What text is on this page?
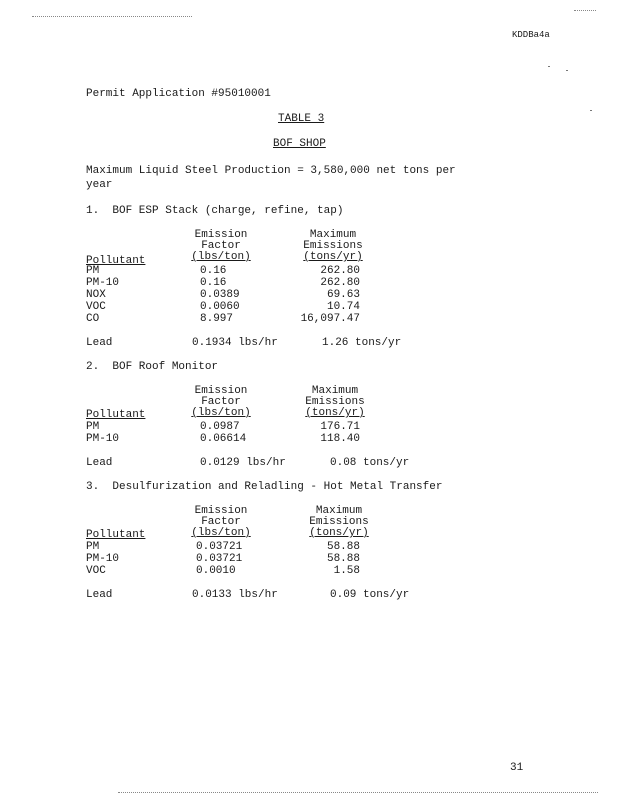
KDDBa4a
Permit Application #95010001
TABLE 3
BOF SHOP
Maximum Liquid Steel Production = 3,580,000 net tons per
year
1.  BOF ESP Stack (charge, refine, tap)
Emission
Factor
(lbs/ton)
Maximum
Emissions
(tons/yr)
Pollutant
PM	0.16	262.80
PM-10	0.16	262.80
NOX	0.0389	69.63
VOC	0.0060	10.74
CO	8.997	16,097.47
Lead	0.1934 lbs/hr	1.26 tons/yr
2.  BOF Roof Monitor
Emission
Factor
(lbs/ton)
Maximum
Emissions
(tons/yr)
Pollutant
PM	0.0987	176.71
PM-10	0.06614	118.40
Lead	0.0129 lbs/hr	0.08 tons/yr
3.  Desulfurization and Reladling - Hot Metal Transfer
Emission
Factor
(lbs/ton)
Maximum
Emissions
(tons/yr)
Pollutant
PM	0.03721	58.88
PM-10	0.03721	58.88
VOC	0.0010	1.58
Lead	0.0133 lbs/hr	0.09 tons/yr
31
